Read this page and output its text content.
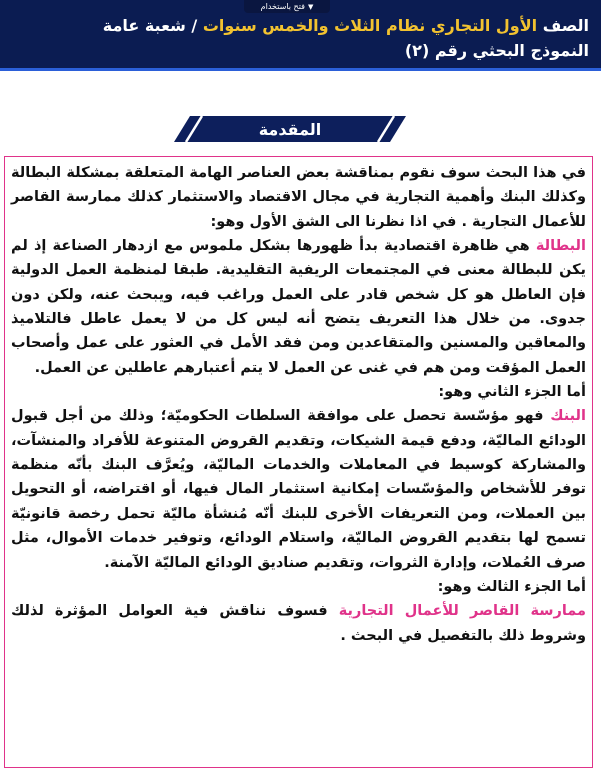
فتح باستخدام ▼
الصف الأول التجاري نظام الثلاث والخمس سنوات / شعبة عامة
النموذج البحثي رقم (٢)
المقدمة

في هذا البحث سوف نقوم بمناقشة بعض العناصر الهامة المتعلقة بمشكلة البطالة وكذلك البنك وأهمية التجارية في مجال الاقتصاد والاستثمار كذلك ممارسة القاصر للأعمال التجارية . في اذا نظرنا الى الشق الأول وهو:

البطالة هي ظاهرة اقتصادية بدأ ظهورها بشكل ملموس مع ازدهار الصناعة إذ لم يكن للبطالة معنى في المجتمعات الريفية التقليدية. طبقا لمنظمة العمل الدولية فإن العاطل هو كل شخص قادر على العمل وراغب فيه، ويبحث عنه، ولكن دون جدوى. من خلال هذا التعريف يتضح أنه ليس كل من لا يعمل عاطل فالتلاميذ والمعاقين والمسنين والمتقاعدين ومن فقد الأمل في العثور على عمل وأصحاب العمل المؤقت ومن هم في غنى عن العمل لا يتم أعتبارهم عاطلين عن العمل.

أما الجزء الثاني وهو:

البنك فهو مؤسّسة تحصل على موافقة السلطات الحكوميّة؛ وذلك من أجل قبول الودائع الماليّة، ودفع قيمة الشيكات، وتقديم القروض المتنوعة للأفراد والمنشآت، والمشاركة كوسيط في المعاملات والخدمات الماليّة، ويُعرَّف البنك بأنّه منظمة توفر للأشخاص والمؤسّسات إمكانية استثمار المال فيها، أو اقتراضه، أو التحويل بين العملات، ومن التعريفات الأخرى للبنك أنّه مُنشأة ماليّة تحمل رخصة قانونيّة تسمح لها بتقديم القروض الماليّة، واستلام الودائع، وتوفير خدمات الأموال، مثل صرف العُملات، وإدارة الثروات، وتقديم صناديق الودائع الماليّة الآمنة.

أما الجزء الثالث وهو:

ممارسة القاصر للأعمال التجارية فسوف نناقش فية العوامل المؤثرة لذلك وشروط ذلك بالتفصيل في البحث .
